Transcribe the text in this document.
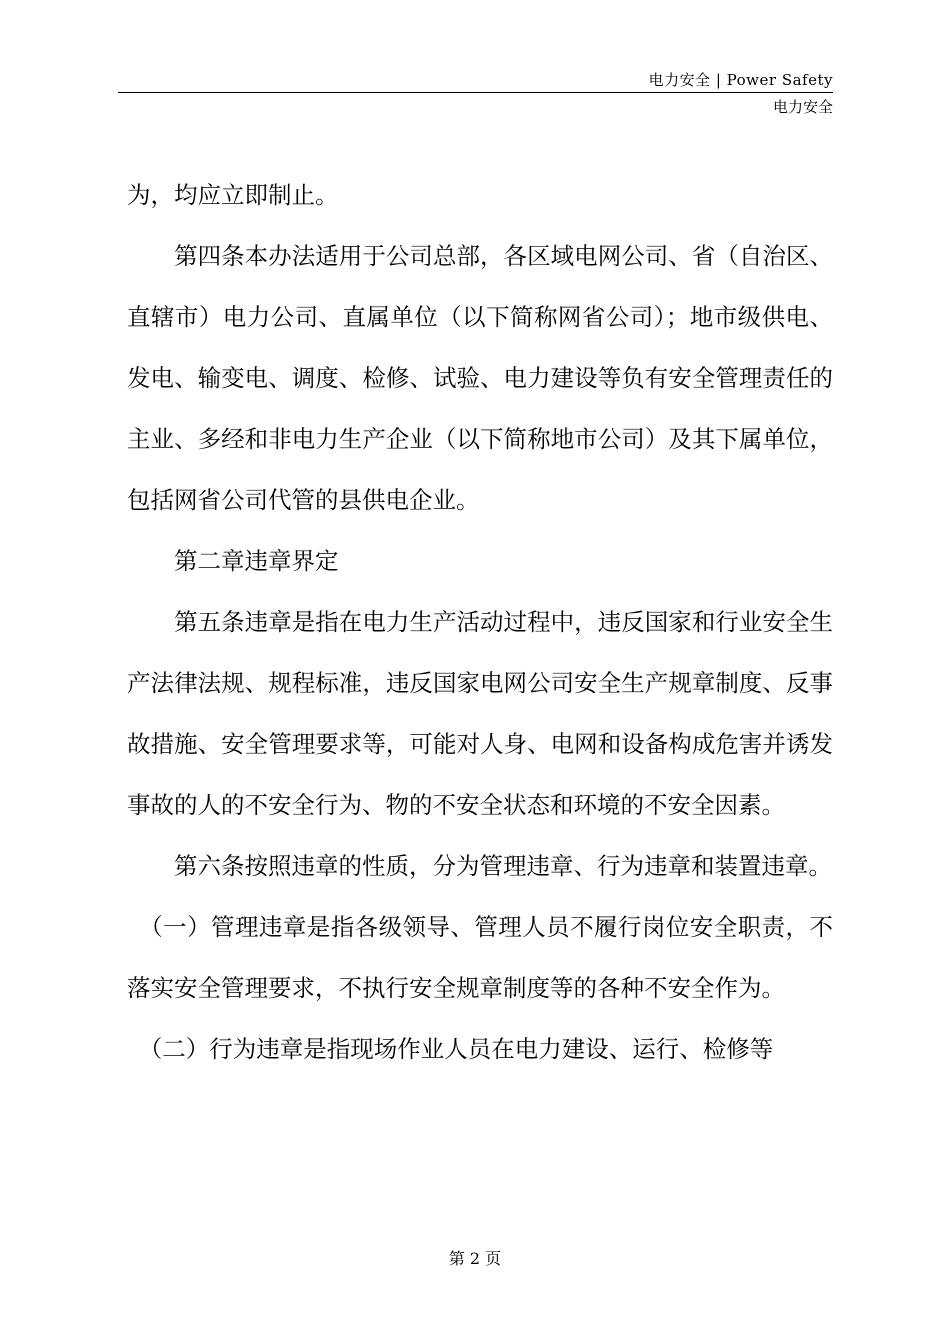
电力安全 | Power Safety
电力安全

为，均应立即制止。

　　第四条本办法适用于公司总部，各区域电网公司、省（自治区、直辖市）电力公司、直属单位（以下简称网省公司）；地市级供电、发电、输变电、调度、检修、试验、电力建设等负有安全管理责任的主业、多经和非电力生产企业（以下简称地市公司）及其下属单位，包括网省公司代管的县供电企业。

　　第二章违章界定

　　第五条违章是指在电力生产活动过程中，违反国家和行业安全生产法律法规、规程标准，违反国家电网公司安全生产规章制度、反事故措施、安全管理要求等，可能对人身、电网和设备构成危害并诱发事故的人的不安全行为、物的不安全状态和环境的不安全因素。

　　第六条按照违章的性质，分为管理违章、行为违章和装置违章。

　（一）管理违章是指各级领导、管理人员不履行岗位安全职责，不落实安全管理要求，不执行安全规章制度等的各种不安全作为。

　（二）行为违章是指现场作业人员在电力建设、运行、检修等

第 2 页
